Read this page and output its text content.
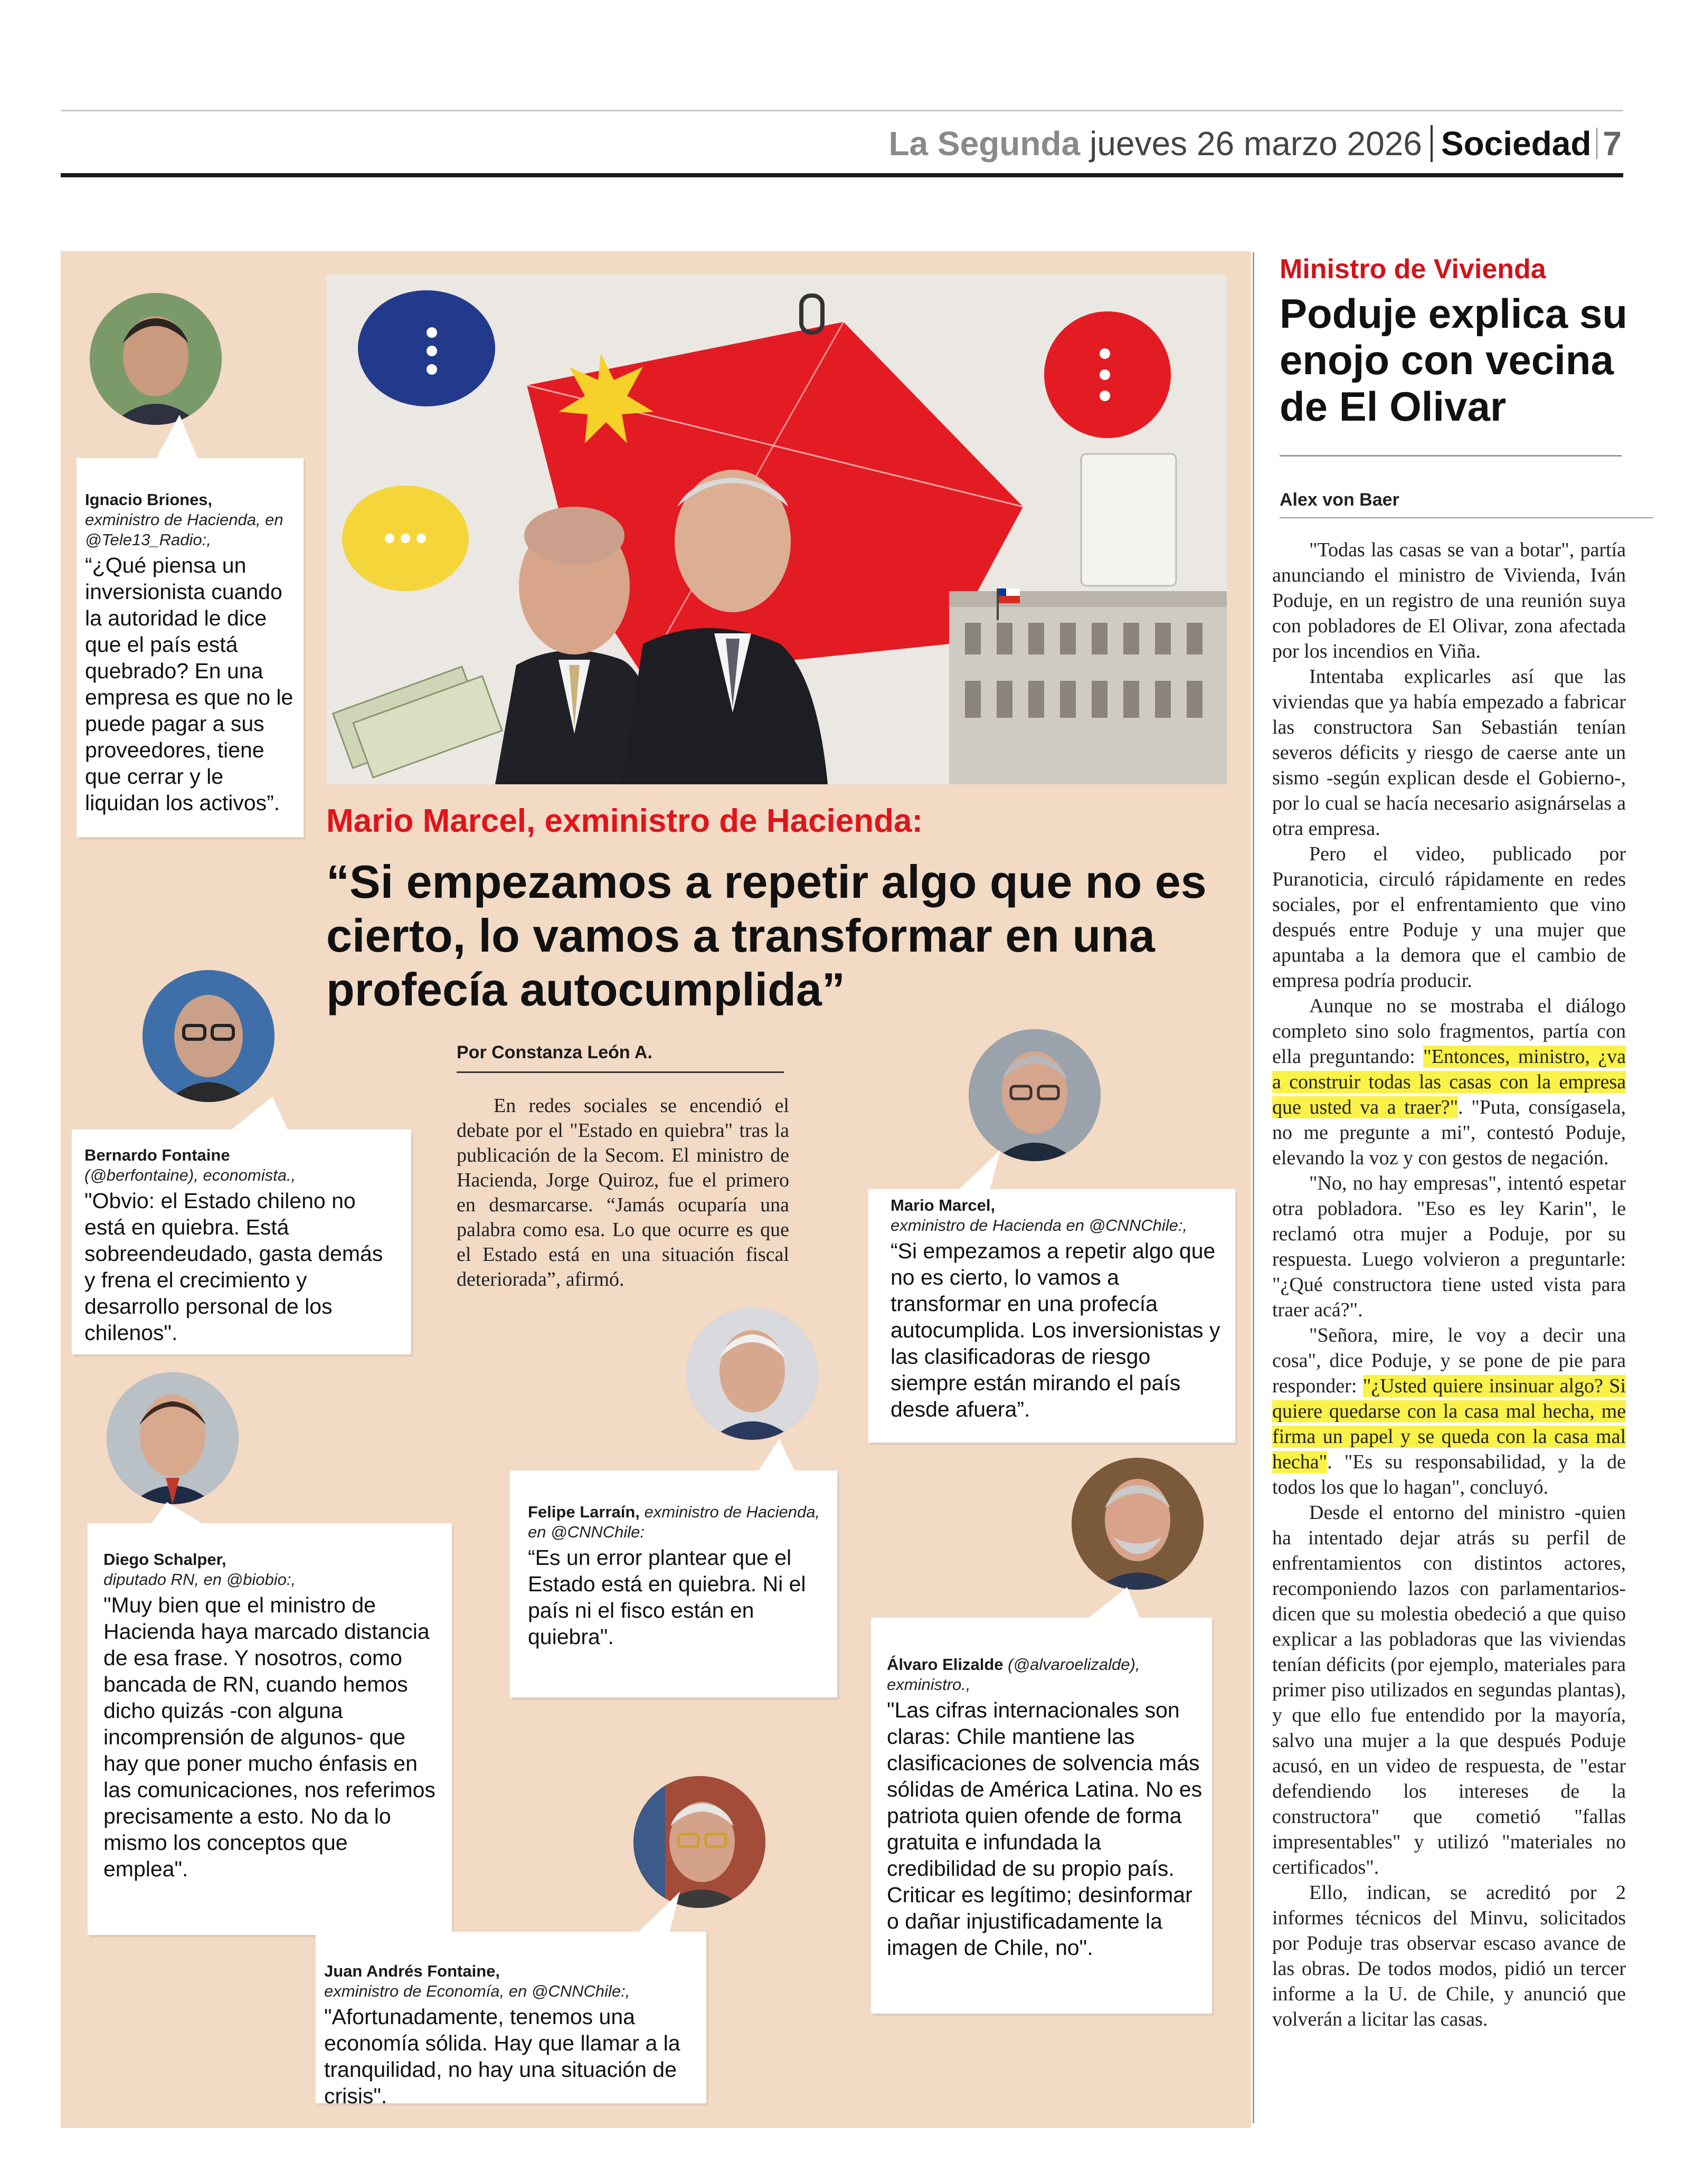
La Segunda jueves 26 marzo 2026 Sociedad 7
Ignacio Briones,
exministro de Hacienda, en @Tele13_Radio:,
“¿Qué piensa un inversionista cuando la autoridad le dice que el país está quebrado? En una empresa es que no le puede pagar a sus proveedores, tiene que cerrar y le liquidan los activos”.
Bernardo Fontaine
(@berfontaine), economista.,
"Obvio: el Estado chileno no está en quiebra. Está sobreendeudado, gasta demás y frena el crecimiento y desarrollo personal de los chilenos".
Diego Schalper,
diputado RN, en @biobio:,
"Muy bien que el ministro de Hacienda haya marcado distancia de esa frase. Y nosotros, como bancada de RN, cuando hemos dicho quizás -con alguna incomprensión de algunos- que hay que poner mucho énfasis en las comunicaciones, nos referimos precisamente a esto. No da lo mismo los conceptos que emplea".
Juan Andrés Fontaine,
exministro de Economía, en @CNNChile:,
"Afortunadamente, tenemos una economía sólida. Hay que llamar a la tranquilidad, no hay una situación de crisis".
Felipe Larraín, exministro de Hacienda, en @CNNChile:
“Es un error plantear que el Estado está en quiebra. Ni el país ni el fisco están en quiebra".
Mario Marcel,
exministro de Hacienda en @CNNChile:,
“Si empezamos a repetir algo que no es cierto, lo vamos a transformar en una profecía autocumplida. Los inversionistas y las clasificadoras de riesgo siempre están mirando el país desde afuera”.
Álvaro Elizalde (@alvaroelizalde), exministro.,
"Las cifras internacionales son claras: Chile mantiene las clasificaciones de solvencia más sólidas de América Latina. No es patriota quien ofende de forma gratuita e infundada la credibilidad de su propio país. Criticar es legítimo; desinformar o dañar injustificadamente la imagen de Chile, no".
Mario Marcel, exministro de Hacienda:
“Si empezamos a repetir algo que no es cierto, lo vamos a transformar en una profecía autocumplida”
Por Constanza León A.
En redes sociales se encendió el debate por el "Estado en quiebra" tras la publicación de la Secom. El ministro de Hacienda, Jorge Quiroz, fue el primero en desmarcarse. “Jamás ocuparía una palabra como esa. Lo que ocurre es que el Estado está en una situación fiscal deteriorada”, afirmó.
Ministro de Vivienda
Poduje explica su enojo con vecina de El Olivar
Alex von Baer

"Todas las casas se van a botar", partía anunciando el ministro de Vivienda, Iván Poduje, en un registro de una reunión suya con pobladores de El Olivar, zona afectada por los incendios en Viña.

Intentaba explicarles así que las viviendas que ya había empezado a fabricar las constructora San Sebastián tenían severos déficits y riesgo de caerse ante un sismo -según explican desde el Gobierno-, por lo cual se hacía necesario asignárselas a otra empresa.

Pero el video, publicado por Puranoticia, circuló rápidamente en redes sociales, por el enfrentamiento que vino después entre Poduje y una mujer que apuntaba a la demora que el cambio de empresa podría producir.

Aunque no se mostraba el diálogo completo sino solo fragmentos, partía con ella preguntando: "Entonces, ministro, ¿va a construir todas las casas con la empresa que usted va a traer?". "Puta, consígasela, no me pregunte a mi", contestó Poduje, elevando la voz y con gestos de negación.

"No, no hay empresas", intentó espetar otra pobladora. "Eso es ley Karin", le reclamó otra mujer a Poduje, por su respuesta. Luego volvieron a preguntarle: "¿Qué constructora tiene usted vista para traer acá?".

"Señora, mire, le voy a decir una cosa", dice Poduje, y se pone de pie para responder: "¿Usted quiere insinuar algo? Si quiere quedarse con la casa mal hecha, me firma un papel y se queda con la casa mal hecha". "Es su responsabilidad, y la de todos los que lo hagan", concluyó.

Desde el entorno del ministro -quien ha intentado dejar atrás su perfil de enfrentamientos con distintos actores, recomponiendo lazos con parlamentarios- dicen que su molestia obedeció a que quiso explicar a las pobladoras que las viviendas tenían déficits (por ejemplo, materiales para primer piso utilizados en segundas plantas), y que ello fue entendido por la mayoría, salvo una mujer a la que después Poduje acusó, en un video de respuesta, de "estar defendiendo los intereses de la constructora" que cometió "fallas impresentables" y utilizó "materiales no certificados".

Ello, indican, se acreditó por 2 informes técnicos del Minvu, solicitados por Poduje tras observar escaso avance de las obras. De todos modos, pidió un tercer informe a la U. de Chile, y anunció que volverán a licitar las casas.
